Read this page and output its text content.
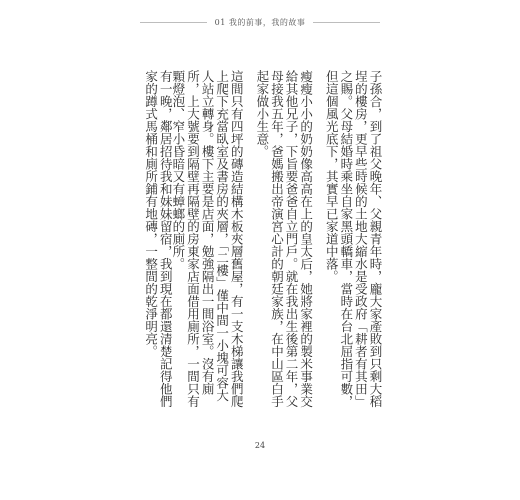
01 我的前事，我的故事
子孫合，到了祖父晚年、父親青年時，龐大家產敗到只剩大稻埕的樓房，更早些時候的土地大縮水是受政府「耕者有其田」之賜。父母結婚時乘坐自家黑頭轎車，當時在台北屈指可數，但這個風光底下，其實早已家道中落。
瘦瘦小小的奶奶像高高在上的皇太后，她將家裡的製米事業交給其他兄子，下旨要爸爸自立門戶。就在我出生後第二年，父母接我五年，爸媽搬出帝演宮心計的朝廷家族，在中山區白手起家做小生意。
這間只有四坪的磚造結構木板夾層舊屋，有一支木梯讓我們爬上爬下充當臥室及書房的夾層，「二樓」僅中間一小塊可容大人站立轉身。樓下主要是店面，勉強隔出一間浴室。沒有廁所，上大號要到隔壁再隔壁的房東家店面借用廁所，一間只有顆燈泡、窄小昏暗又有蟑螂的廁所。
有一晚，鄰居招待我和妹妹留宿，我到現在都還清楚記得他們家的蹲式馬桶和廁所鋪有地磚，一整間的乾淨明亮。
24
